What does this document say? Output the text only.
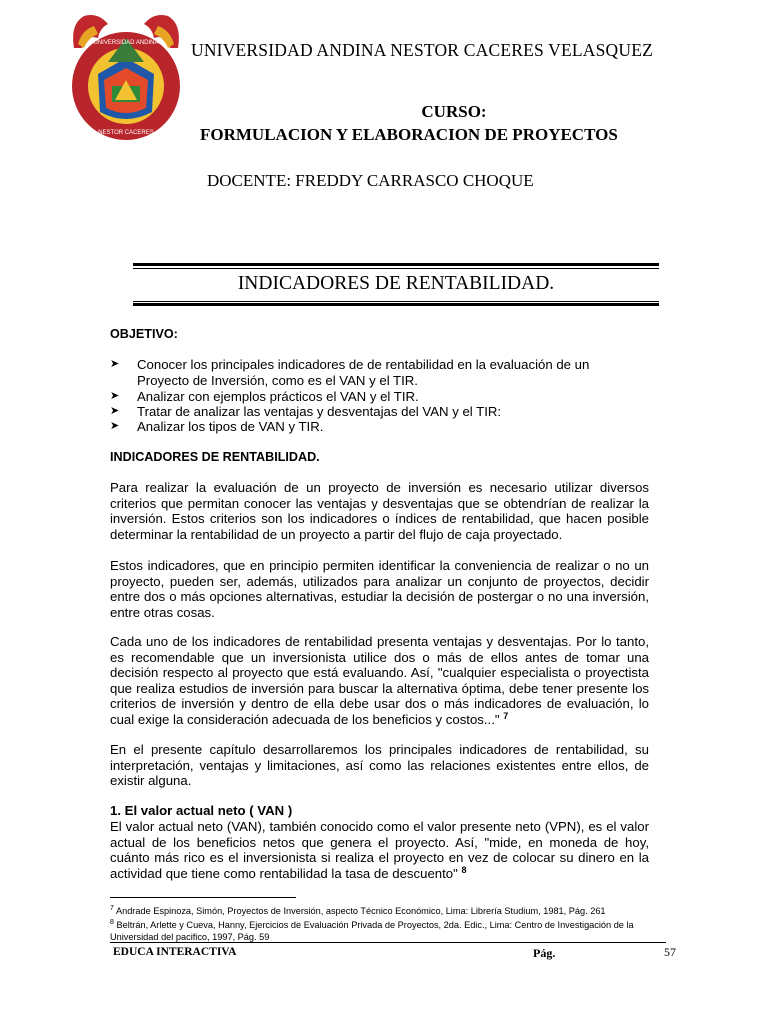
UNIVERSIDAD ANDINA
NESTOR CACERES
UNIVERSIDAD ANDINA NESTOR CACERES VELASQUEZ
CURSO:
FORMULACION Y ELABORACION DE PROYECTOS
DOCENTE: FREDDY CARRASCO CHOQUE
INDICADORES DE RENTABILIDAD.
OBJETIVO:
➤ Conocer los principales indicadores de de rentabilidad en la evaluación de un
Proyecto de Inversión, como es el VAN y el TIR.
➤ Analizar con ejemplos prácticos el VAN y el TIR.
➤ Tratar de analizar las ventajas y desventajas del VAN y el TIR:
➤ Analizar los tipos de VAN y TIR.
INDICADORES DE RENTABILIDAD.

Para realizar la evaluación de un proyecto de inversión es necesario utilizar diversos criterios que permitan conocer las ventajas y desventajas que se obtendrían de realizar la inversión. Estos criterios son los indicadores o índices de rentabilidad, que hacen posible determinar la rentabilidad de un proyecto a partir del flujo de caja proyectado.

Estos indicadores, que en principio permiten identificar la conveniencia de realizar o no un proyecto, pueden ser, además, utilizados para analizar un conjunto de proyectos, decidir entre dos o más opciones alternativas, estudiar la decisión de postergar o no una inversión, entre otras cosas.

Cada uno de los indicadores de rentabilidad presenta ventajas y desventajas. Por lo tanto, es recomendable que un inversionista utilice dos o más de ellos antes de tomar una decisión respecto al proyecto que está evaluando. Así, "cualquier especialista o proyectista que realiza estudios de inversión para buscar la alternativa óptima, debe tener presente los criterios de inversión y dentro de ella debe usar dos o más indicadores de evaluación, lo cual exige la consideración adecuada de los beneficios y costos..." $^7$

En el presente capítulo desarrollaremos los principales indicadores de rentabilidad, su interpretación, ventajas y limitaciones, así como las relaciones existentes entre ellos, de existir alguna.

1. El valor actual neto ( VAN )

El valor actual neto (VAN), también conocido como el valor presente neto (VPN), es el valor actual de los beneficios netos que genera el proyecto. Así, "mide, en moneda de hoy, cuánto más rico es el inversionista si realiza el proyecto en vez de colocar su dinero en la actividad que tiene como rentabilidad la tasa de descuento" $^8$

$^7$ Andrade Espinoza, Simón, Proyectos de Inversión, aspecto Técnico Económico, Lima: Librería Studium, 1981, Pág. 261
$^8$ Beltrán, Arlette y Cueva, Hanny, Ejercicios de Evaluación Privada de Proyectos, 2da. Edic., Lima: Centro de Investigación de la Universidad del pacifico, 1997, Pág. 59
EDUCA INTERACTIVA	Pág.	57
